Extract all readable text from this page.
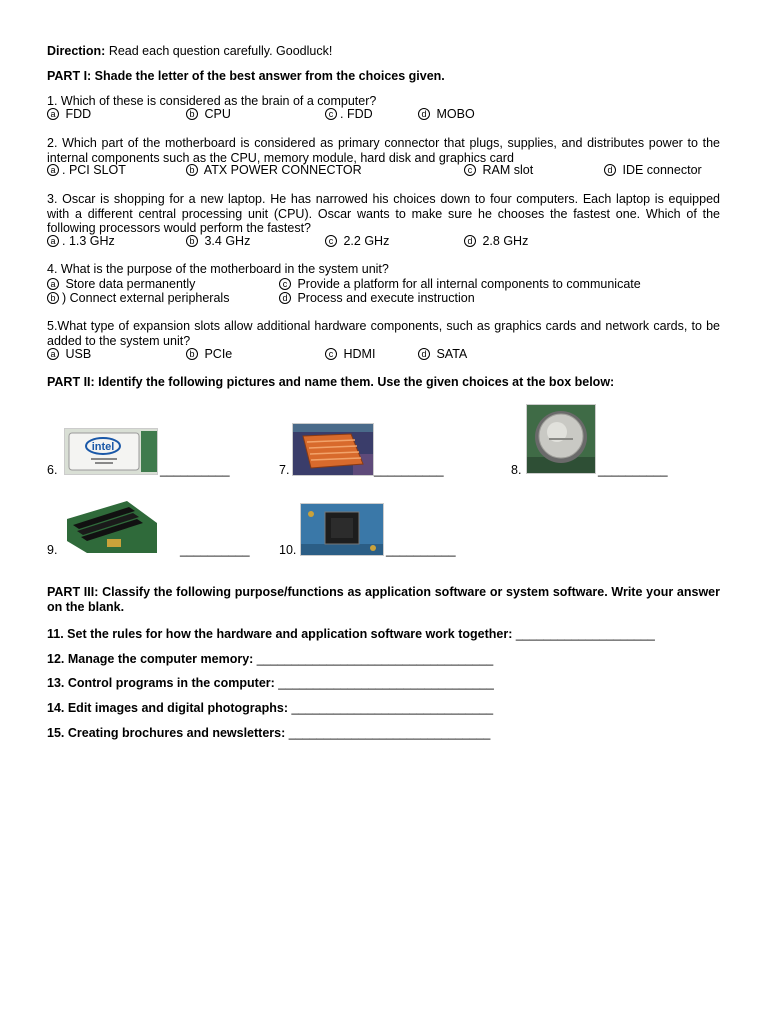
Direction: Read each question carefully. Goodluck!
PART I: Shade the letter of the best answer from the choices given.
1. Which of these is considered as the brain of a computer?
a FDD	b CPU	c . FDD	d MOBO
2. Which part of the motherboard is considered as primary connector that plugs, supplies, and distributes power to the internal components such as the CPU, memory module, hard disk and graphics card
a . PCI SLOT	b ATX POWER CONNECTOR	c RAM slot	d IDE connector
3. Oscar is shopping for a new laptop. He has narrowed his choices down to four computers. Each laptop is equipped with a different central processing unit (CPU). Oscar wants to make sure he chooses the fastest one. Which of the following processors would perform the fastest?
a . 1.3 GHz	b 3.4 GHz	c 2.2 GHz	d 2.8 GHz
4. What is the purpose of the motherboard in the system unit?
a Store data permanently	c Provide a platform for all internal components to communicate
b ) Connect external peripherals	d Process and execute instruction
5.What type of expansion slots allow additional hardware components, such as graphics cards and network cards, to be added to the system unit?
a USB	b PCIe	c HDMI	d SATA
PART II: Identify the following pictures and name them. Use the given choices at the box below:
6.
intel
__________	7.	__________	8.	__________
9.	__________ 10.	__________
PART III: Classify the following purpose/functions as application software or system software. Write your answer on the blank.
11. Set the rules for how the hardware and application software work together: ____________________
12. Manage the computer memory: __________________________________
13. Control programs in the computer: _______________________________
14. Edit images and digital photographs: _____________________________
15. Creating brochures and newsletters: _____________________________
